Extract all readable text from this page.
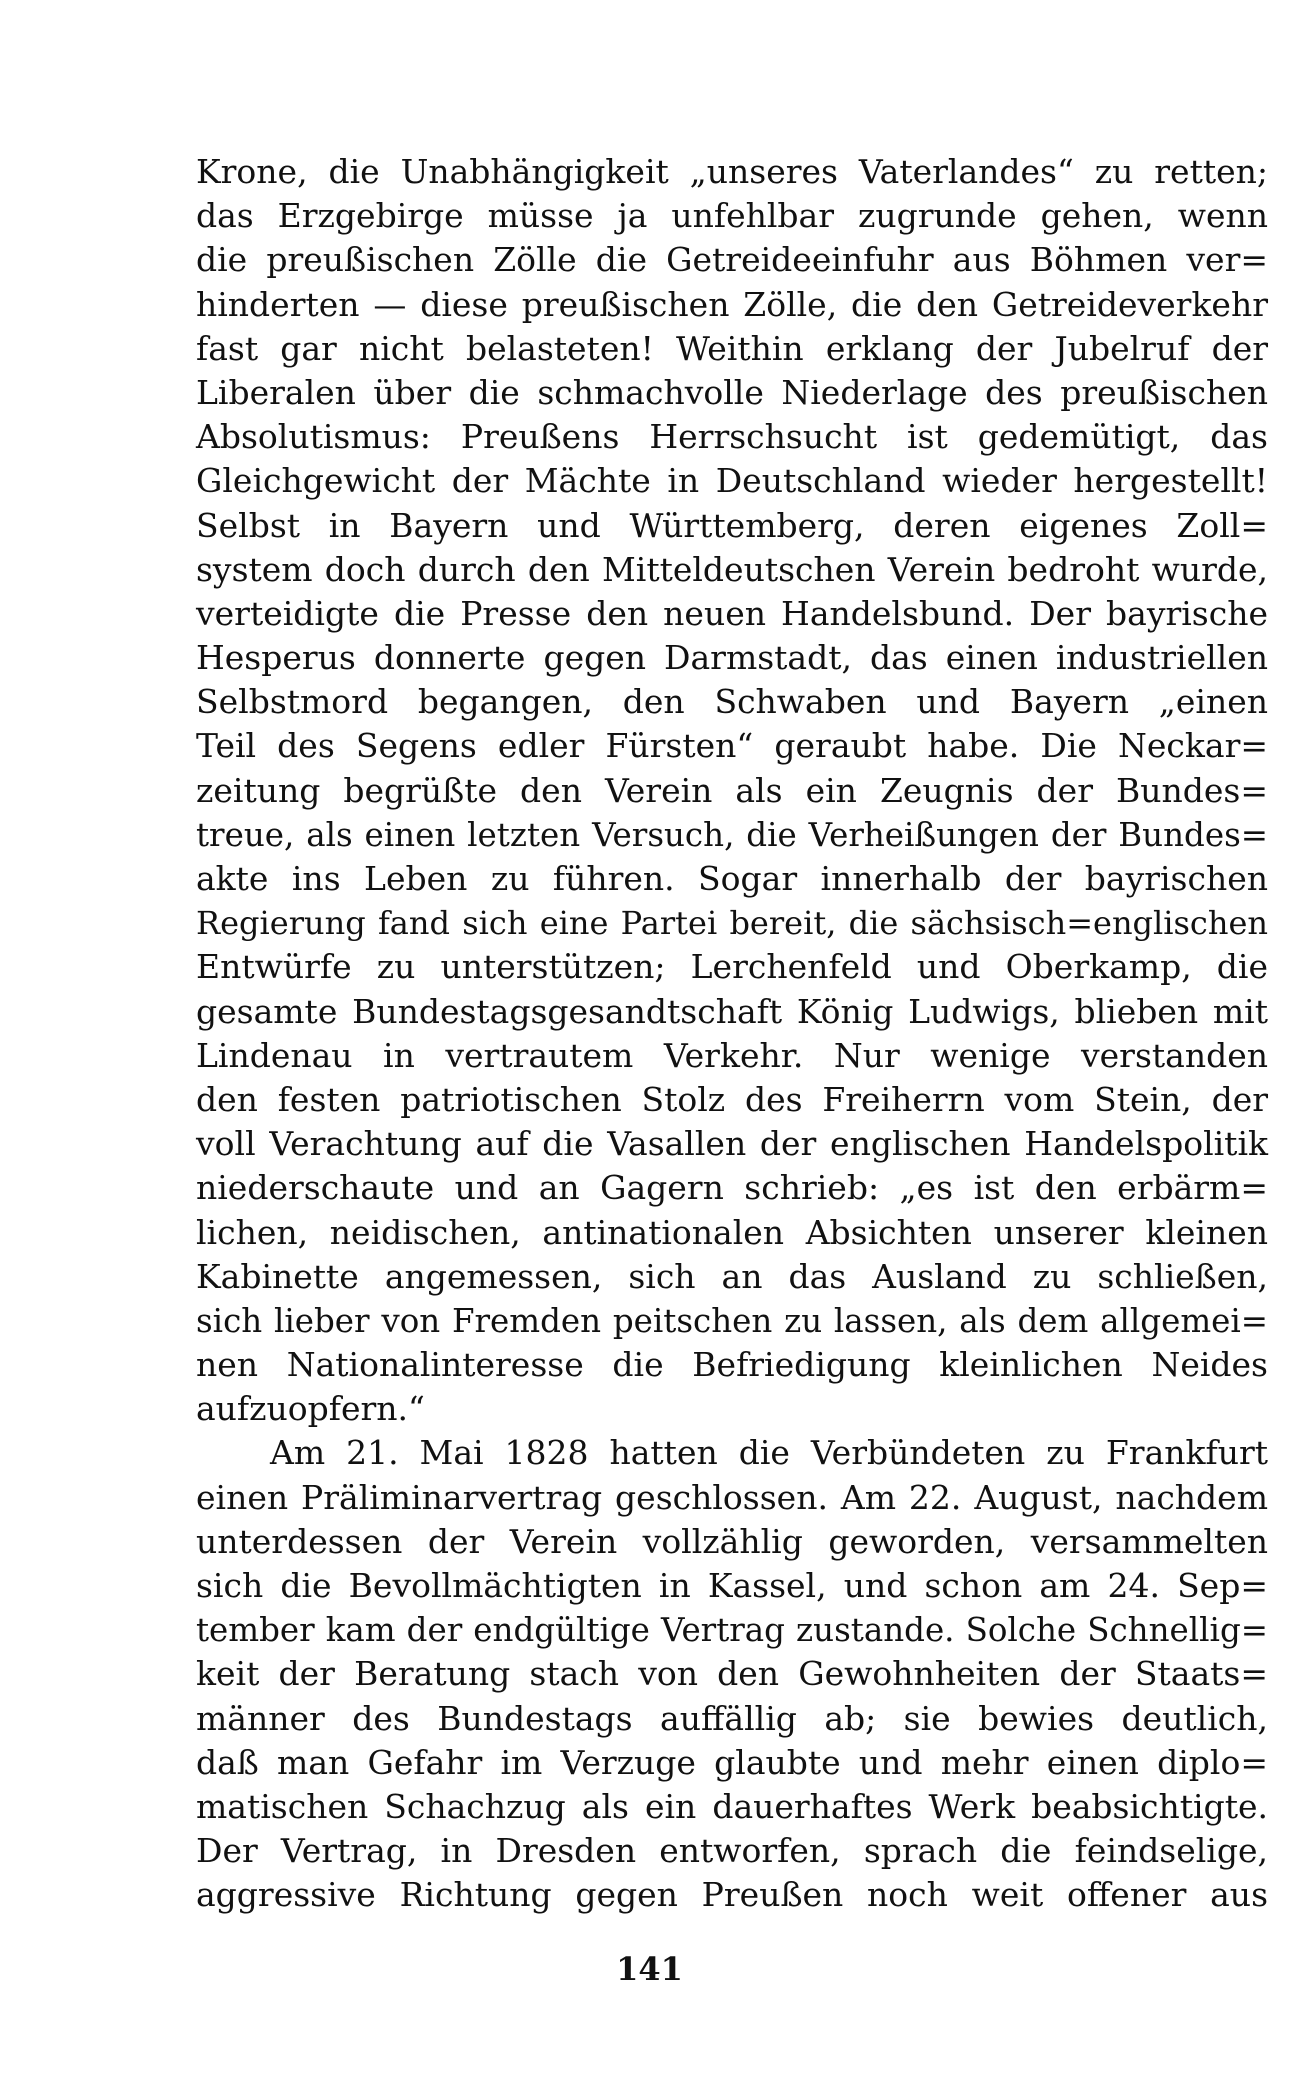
Krone, die Unabhängigkeit „unseres Vaterlandes“ zu retten;
das Erzgebirge müsse ja unfehlbar zugrunde gehen, wenn
die preußischen Zölle die Getreideeinfuhr aus Böhmen ver=
hinderten — diese preußischen Zölle, die den Getreideverkehr
fast gar nicht belasteten! Weithin erklang der Jubelruf der
Liberalen über die schmachvolle Niederlage des preußischen
Absolutismus: Preußens Herrschsucht ist gedemütigt, das
Gleichgewicht der Mächte in Deutschland wieder hergestellt!
Selbst in Bayern und Württemberg, deren eigenes Zoll=
system doch durch den Mitteldeutschen Verein bedroht wurde,
verteidigte die Presse den neuen Handelsbund. Der bayrische
Hesperus donnerte gegen Darmstadt, das einen industriellen
Selbstmord begangen, den Schwaben und Bayern „einen
Teil des Segens edler Fürsten“ geraubt habe. Die Neckar=
zeitung begrüßte den Verein als ein Zeugnis der Bundes=
treue, als einen letzten Versuch, die Verheißungen der Bundes=
akte ins Leben zu führen. Sogar innerhalb der bayrischen
Regierung fand sich eine Partei bereit, die sächsisch=englischen
Entwürfe zu unterstützen; Lerchenfeld und Oberkamp, die
gesamte Bundestagsgesandtschaft König Ludwigs, blieben mit
Lindenau in vertrautem Verkehr. Nur wenige verstanden
den festen patriotischen Stolz des Freiherrn vom Stein, der
voll Verachtung auf die Vasallen der englischen Handelspolitik
niederschaute und an Gagern schrieb: „es ist den erbärm=
lichen, neidischen, antinationalen Absichten unserer kleinen
Kabinette angemessen, sich an das Ausland zu schließen,
sich lieber von Fremden peitschen zu lassen, als dem allgemei=
nen Nationalinteresse die Befriedigung kleinlichen Neides
aufzuopfern.“
Am 21. Mai 1828 hatten die Verbündeten zu Frankfurt
einen Präliminarvertrag geschlossen. Am 22. August, nachdem
unterdessen der Verein vollzählig geworden, versammelten
sich die Bevollmächtigten in Kassel, und schon am 24. Sep=
tember kam der endgültige Vertrag zustande. Solche Schnellig=
keit der Beratung stach von den Gewohnheiten der Staats=
männer des Bundestags auffällig ab; sie bewies deutlich,
daß man Gefahr im Verzuge glaubte und mehr einen diplo=
matischen Schachzug als ein dauerhaftes Werk beabsichtigte.
Der Vertrag, in Dresden entworfen, sprach die feindselige,
aggressive Richtung gegen Preußen noch weit offener aus
141
